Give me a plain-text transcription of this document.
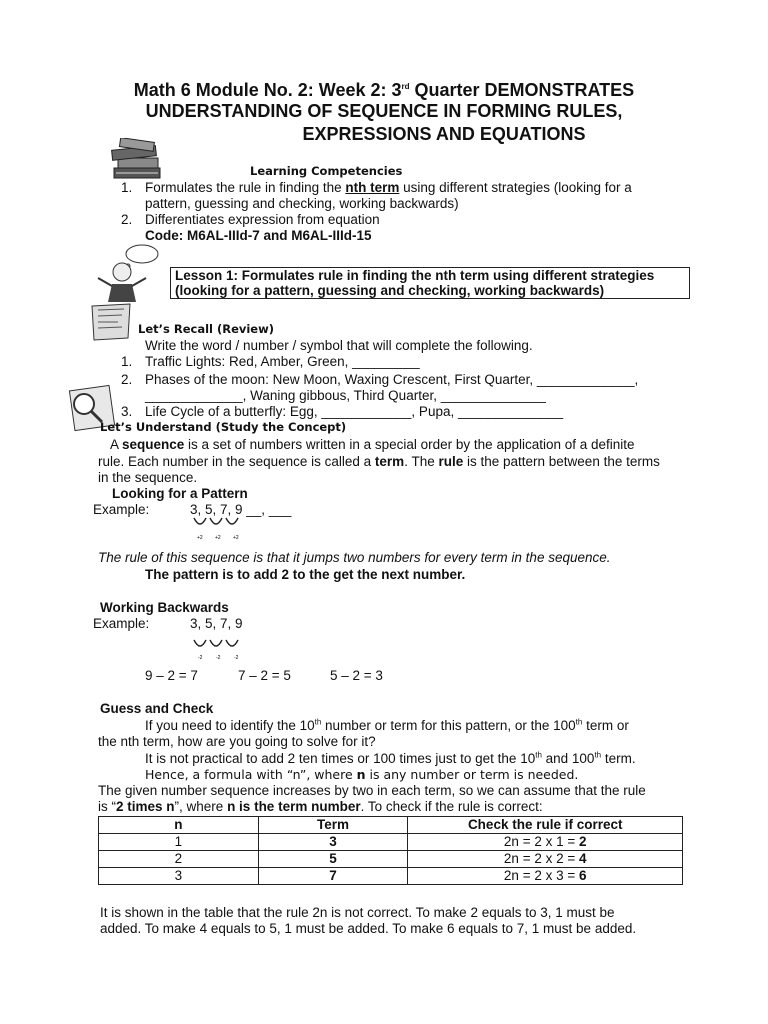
Math 6 Module No. 2: Week 2: 3rd Quarter DEMONSTRATES
UNDERSTANDING OF SEQUENCE IN FORMING RULES,
EXPRESSIONS AND EQUATIONS
Learning Competencies
1. Formulates the rule in finding the nth term using different strategies (looking for a
pattern, guessing and checking, working backwards)
2. Differentiates expression from equation
Code: M6AL-IIId-7 and M6AL-IIId-15
Lesson 1: Formulates rule in finding the nth term using different strategies
(looking for a pattern, guessing and checking, working backwards)
Let’s Recall (Review)
Write the word / number / symbol that will complete the following.
1. Traffic Lights: Red, Amber, Green, _________
2. Phases of the moon: New Moon, Waxing Crescent, First Quarter, _____________,
_____________, Waning gibbous, Third Quarter, ______________
3. Life Cycle of a butterfly: Egg, ____________, Pupa, ______________
Let’s Understand (Study the Concept)
A sequence is a set of numbers written in a special order by the application of a definite
rule. Each number in the sequence is called a term. The rule is the pattern between the terms
in the sequence.
Looking for a Pattern
Example:	3, 5, 7, 9 __, ___
+2 +2 +2
The rule of this sequence is that it jumps two numbers for every term in the sequence.
The pattern is to add 2 to the get the next number.
Working Backwards
Example:	3, 5, 7, 9
-2	-2	-2
9 – 2 = 7	7 – 2 = 5	5 – 2 = 3
Guess and Check
If you need to identify the 10th number or term for this pattern, or the 100th term or
the nth term, how are you going to solve for it?
It is not practical to add 2 ten times or 100 times just to get the 10th and 100th term.
Hence, a formula with “n”, where n is any number or term is needed.
The given number sequence increases by two in each term, so we can assume that the rule
is “2 times n”, where n is the term number. To check if the rule is correct:
n	Term	Check the rule if correct
1	3	2n = 2 x 1 = 2
2	5	2n = 2 x 2 = 4
3	7	2n = 2 x 3 = 6
It is shown in the table that the rule 2n is not correct. To make 2 equals to 3, 1 must be
added. To make 4 equals to 5, 1 must be added. To make 6 equals to 7, 1 must be added.
